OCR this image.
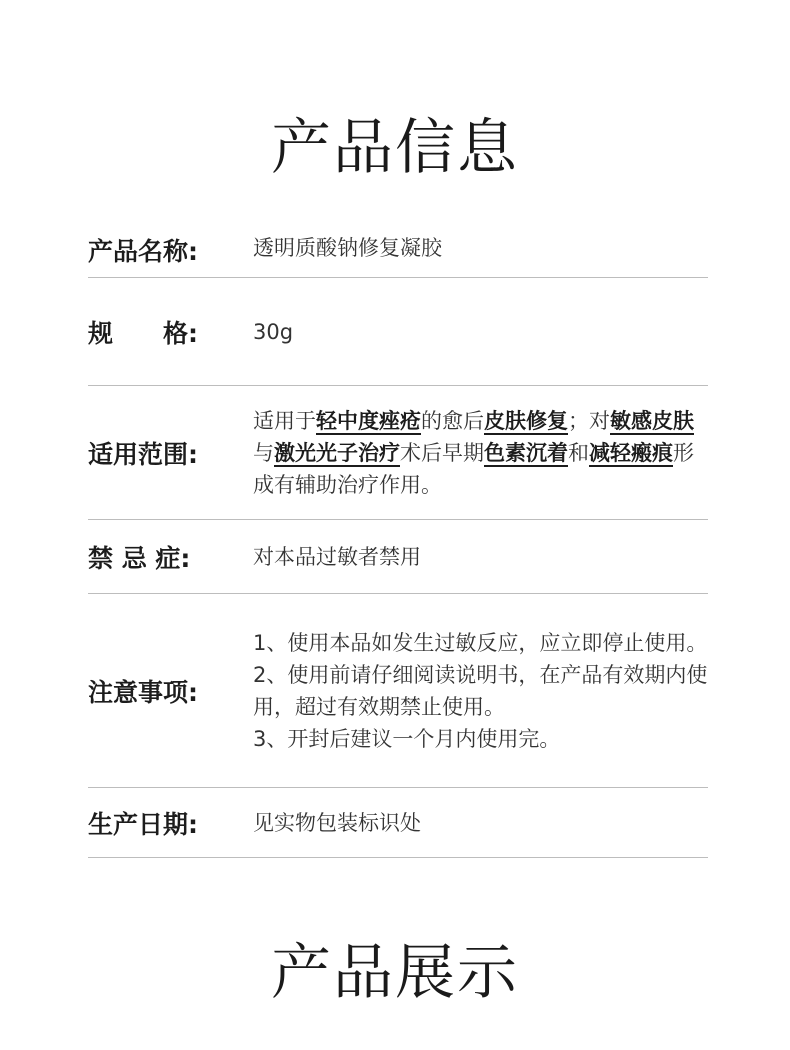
产品信息
产品名称:	透明质酸钠修复凝胶
规　　格:	30g
适用范围:
适用于轻中度痤疮的愈后皮肤修复；对敏感皮肤与激光光子治疗术后早期色素沉着和减轻瘢痕形成有辅助治疗作用。
禁 忌 症:	对本品过敏者禁用
注意事项:

1、使用本品如发生过敏反应，应立即停止使用。

2、使用前请仔细阅读说明书，在产品有效期内使用，超过有效期禁止使用。

3、开封后建议一个月内使用完。

生产日期:	见实物包装标识处
产品展示
